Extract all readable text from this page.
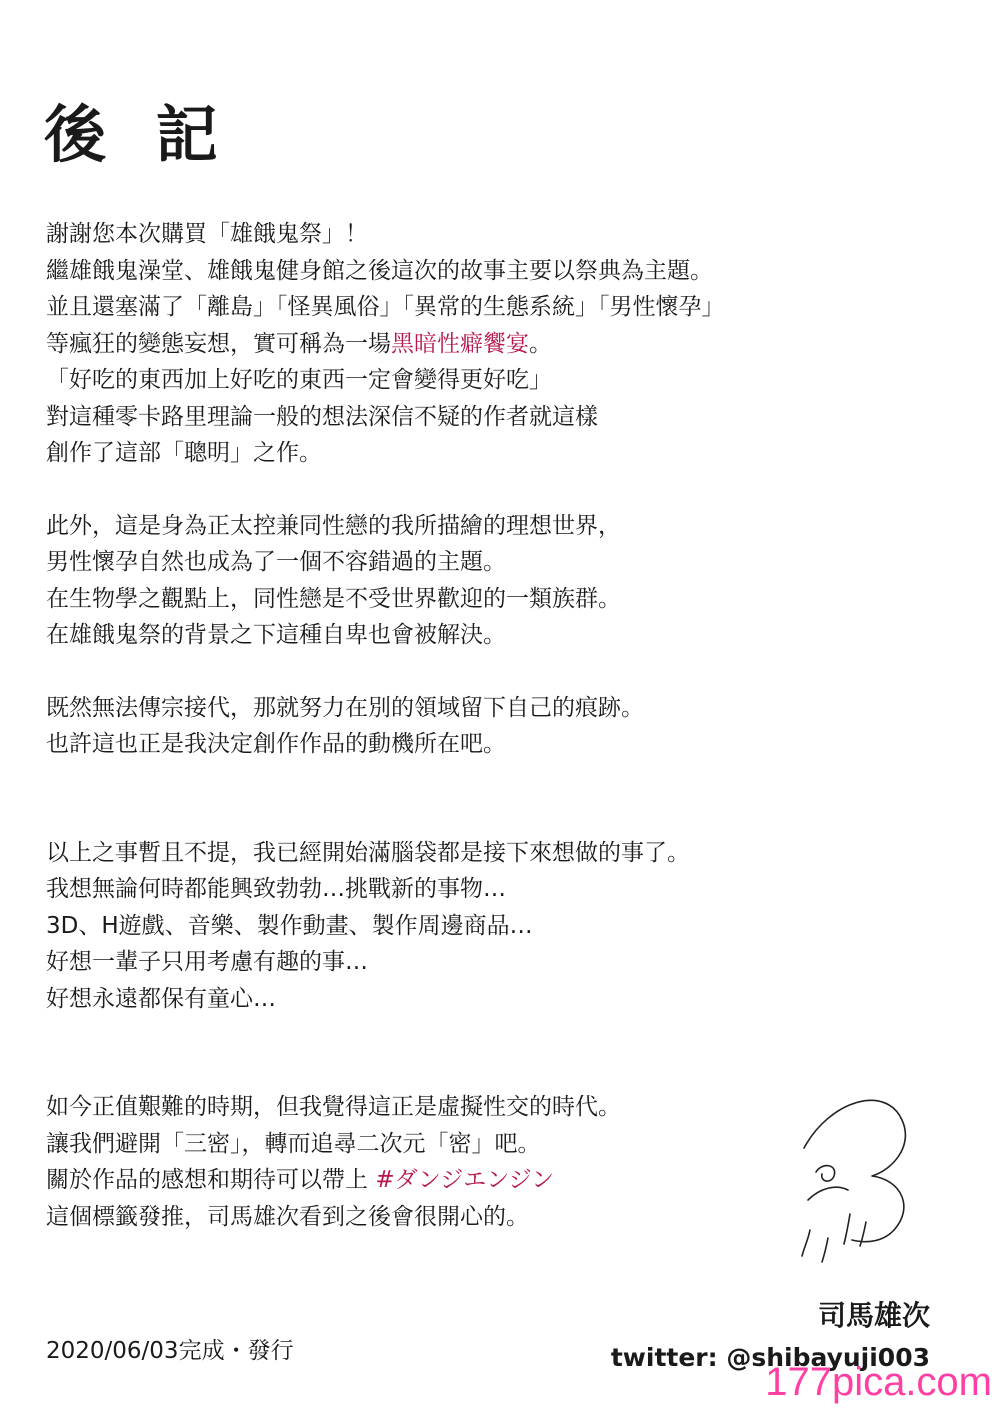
後 記

謝謝您本次購買「雄餓鬼祭」！
繼雄餓鬼澡堂、雄餓鬼健身館之後這次的故事主要以祭典為主題。
並且還塞滿了「離島」「怪異風俗」「異常的生態系統」「男性懷孕」
等瘋狂的變態妄想，實可稱為一場黑暗性癖饗宴。
「好吃的東西加上好吃的東西一定會變得更好吃」
對這種零卡路里理論一般的想法深信不疑的作者就這樣
創作了這部「聰明」之作。

此外，這是身為正太控兼同性戀的我所描繪的理想世界，
男性懷孕自然也成為了一個不容錯過的主題。
在生物學之觀點上，同性戀是不受世界歡迎的一類族群。
在雄餓鬼祭的背景之下這種自卑也會被解決。

既然無法傳宗接代，那就努力在別的領域留下自己的痕跡。
也許這也正是我決定創作作品的動機所在吧。

以上之事暫且不提，我已經開始滿腦袋都是接下來想做的事了。
我想無論何時都能興致勃勃…挑戰新的事物…
3D、H遊戲、音樂、製作動畫、製作周邊商品…
好想一輩子只用考慮有趣的事…
好想永遠都保有童心…

如今正值艱難的時期，但我覺得這正是虛擬性交的時代。
讓我們避開「三密」，轉而追尋二次元「密」吧。
關於作品的感想和期待可以帶上 #ダンジエンジン
這個標籤發推，司馬雄次看到之後會很開心的。

司馬雄次
twitter: @shibayuji003
2020/06/03完成・發行
177pica.com
